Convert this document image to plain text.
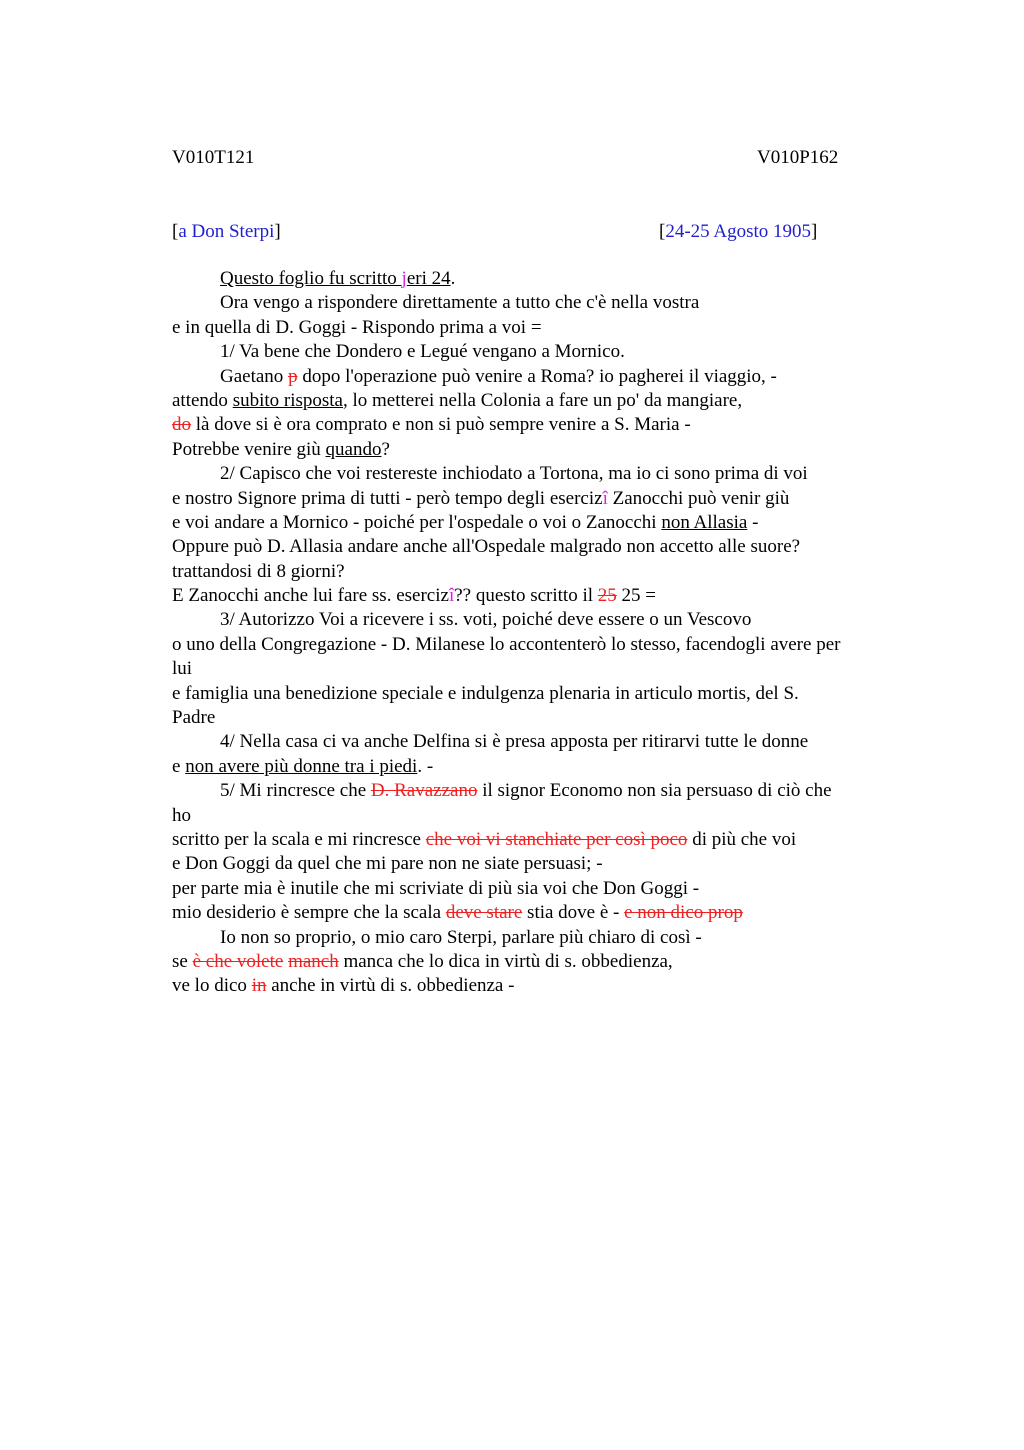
V010T121	V010P162
[a Don Sterpi]	[24-25 Agosto 1905]
Questo foglio fu scritto jeri 24.
Ora vengo a rispondere direttamente a tutto che c'è nella vostra
e in quella di D. Goggi - Rispondo prima a voi =
1/ Va bene che Dondero e Legué vengano a Mornico.
Gaetano p dopo l'operazione può venire a Roma? io pagherei il viaggio, -
attendo subito risposta, lo metterei nella Colonia a fare un po' da mangiare,
do là dove si è ora comprato e non si può sempre venire a S. Maria -
Potrebbe venire giù quando?
2/ Capisco che voi restereste inchiodato a Tortona, ma io ci sono prima di voi
e nostro Signore prima di tutti - però tempo degli esercizî Zanocchi può venir giù
e voi andare a Mornico - poiché per l'ospedale o voi o Zanocchi non Allasia -
Oppure può D. Allasia andare anche all'Ospedale malgrado non accetto alle suore?
trattandosi di 8 giorni?
E Zanocchi anche lui fare ss. esercizî?? questo scritto il 25 25 =
3/ Autorizzo Voi a ricevere i ss. voti, poiché deve essere o un Vescovo
o uno della Congregazione - D. Milanese lo accontenterò lo stesso, facendogli avere per
lui
e famiglia una benedizione speciale e indulgenza plenaria in articulo mortis, del S.
Padre
4/ Nella casa ci va anche Delfina si è presa apposta per ritirarvi tutte le donne
e non avere più donne tra i piedi. -
5/ Mi rincresce che D. Ravazzano il signor Economo non sia persuaso di ciò che
ho
scritto per la scala e mi rincresce che voi vi stanchiate per così poco di più che voi
e Don Goggi da quel che mi pare non ne siate persuasi; -
per parte mia è inutile che mi scriviate di più sia voi che Don Goggi -
mio desiderio è sempre che la scala deve stare stia dove è - e non dico prop
Io non so proprio, o mio caro Sterpi, parlare più chiaro di così -
se è che volete manch manca che lo dica in virtù di s. obbedienza,
ve lo dico in anche in virtù di s. obbedienza -
